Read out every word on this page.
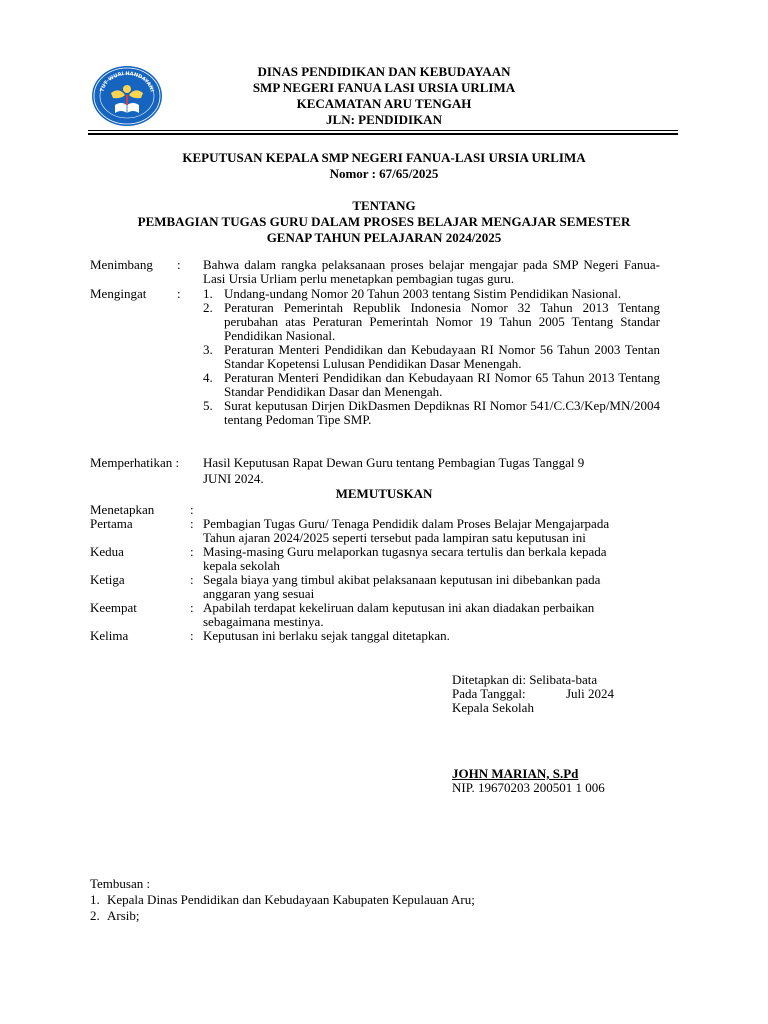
TUT WURI HANDAYANI
DINAS PENDIDIKAN DAN KEBUDAYAAN
SMP NEGERI FANUA LASI URSIA URLIMA
KECAMATAN ARU TENGAH
JLN: PENDIDIKAN
KEPUTUSAN KEPALA SMP NEGERI FANUA-LASI URSIA URLIMA
Nomor : 67/65/2025
TENTANG
PEMBAGIAN TUGAS GURU DALAM PROSES BELAJAR MENGAJAR SEMESTER
GENAP TAHUN PELAJARAN 2024/2025
Menimbang : Bahwa dalam rangka pelaksanaan proses belajar mengajar pada SMP Negeri Fanua-Lasi Ursia Urliam perlu menetapkan pembagian tugas guru.
Mengingat : 1. Undang-undang Nomor 20 Tahun 2003 tentang Sistim Pendidikan Nasional.
2. Peraturan Pemerintah Republik Indonesia Nomor 32 Tahun 2013 Tentang perubahan atas Peraturan Pemerintah Nomor 19 Tahun 2005 Tentang Standar Pendidikan Nasional.
3. Peraturan Menteri Pendidikan dan Kebudayaan RI Nomor 56 Tahun 2003 Tentan Standar Kopetensi Lulusan Pendidikan Dasar Menengah.
4. Peraturan Menteri Pendidikan dan Kebudayaan RI Nomor 65 Tahun 2013 Tentang Standar Pendidikan Dasar dan Menengah.
5. Surat keputusan Dirjen DikDasmen Depdiknas RI Nomor 541/C.C3/Kep/MN/2004 tentang Pedoman Tipe SMP.
Memperhatikan : Hasil Keputusan Rapat Dewan Guru tentang Pembagian Tugas Tanggal 9
JUNI 2024.
MEMUTUSKAN
Menetapkan	:
Pertama	: Pembagian Tugas Guru/ Tenaga Pendidik dalam Proses Belajar Mengajarpada
Tahun ajaran 2024/2025 seperti tersebut pada lampiran satu keputusan ini
Kedua	: Masing-masing Guru melaporkan tugasnya secara tertulis dan berkala kepada
kepala sekolah
Ketiga	: Segala biaya yang timbul akibat pelaksanaan keputusan ini dibebankan pada
anggaran yang sesuai
Keempat	: Apabilah terdapat kekeliruan dalam keputusan ini akan diadakan perbaikan
sebagaimana mestinya.
Kelima	: Keputusan ini berlaku sejak tanggal ditetapkan.
Ditetapkan di: Selibata-bata
Pada Tanggal:	Juli 2024
Kepala Sekolah
JOHN MARIAN, S.Pd
NIP. 19670203 200501 1 006
Tembusan :
1. Kepala Dinas Pendidikan dan Kebudayaan Kabupaten Kepulauan Aru;
2. Arsib;
